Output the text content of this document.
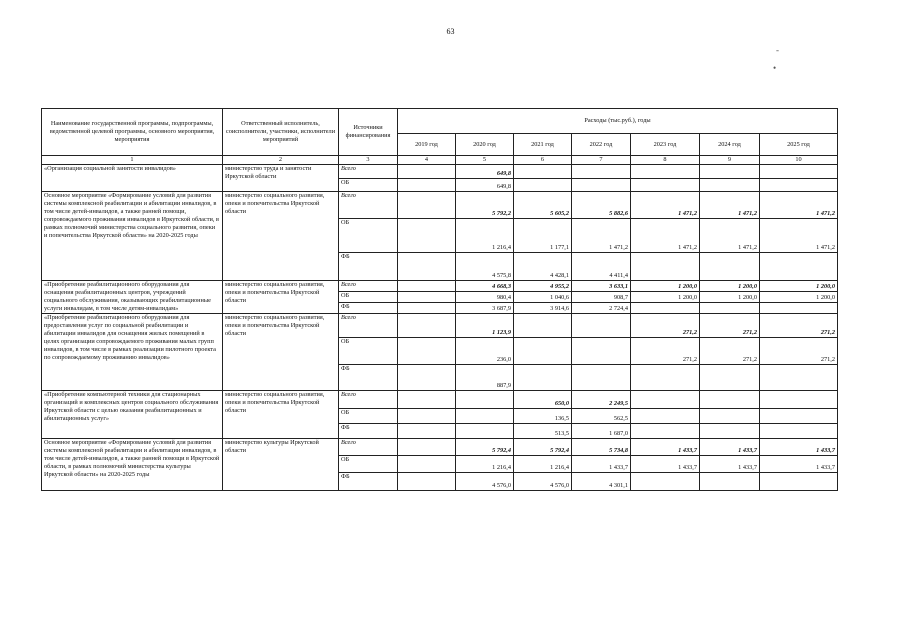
63
-
•
Наименование государственной программы, подпрограммы, ведомственной целевой программы, основного мероприятия, мероприятия	Ответственный исполнитель, соисполнители, участники, исполнители мероприятий	Источники финансирования	Расходы (тыс.руб.), годы						
			2019 год	2020 год	2021 год	2022 год	2023 год	2024 год	2025 год
1	2	3	4	5	6	7	8	9	10
«Организация социальной занятости инвалидов»	министерство труда и занятости Иркутской области	Всего		649,8					
		ОБ		649,8					
Основное мероприятие «Формирование условий для развития системы комплексной реабилитации и абилитации инвалидов, в том числе детей-инвалидов, а также ранней помощи, сопровождаемого проживания инвалидов в Иркутской области, в рамках полномочий министерства социального развития, опеки и попечительства Иркутской области» на 2020-2025 годы	министерство социального развития, опеки и попечительства Иркутской области	Всего		5 792,2	5 605,2	5 882,6	1 471,2	1 471,2	1 471,2
		ОБ		1 216,4	1 177,1	1 471,2	1 471,2	1 471,2	1 471,2
		ФБ		4 575,8	4 428,1	4 411,4			
«Приобретение реабилитационного оборудования для оснащения реабилитационных центров, учреждений социального обслуживания, оказывающих реабилитационные услуги инвалидам, в том числе детям-инвалидам»	министерство социального развития, опеки и попечительства Иркутской области	Всего		4 668,3	4 955,2	3 633,1	1 200,0	1 200,0	1 200,0
		ОБ		980,4	1 040,6	908,7	1 200,0	1 200,0	1 200,0
		ФБ		3 687,9	3 914,6	2 724,4			
«Приобретение реабилитационного оборудования для предоставления услуг по социальной реабилитации и абилитации инвалидов для оснащения жилых помещений в целях организации сопровождаемого проживания малых групп инвалидов, в том числе в рамках реализации пилотного проекта по сопровождаемому проживанию инвалидов»	министерство социального развития, опеки и попечительства Иркутской области	Всего		1 123,9			271,2	271,2	271,2
		ОБ		236,0			271,2	271,2	271,2
		ФБ		887,9					
«Приобретение компьютерной техники для стационарных организаций и комплексных центров социального обслуживания Иркутской области с целью оказания реабилитационных и абилитационных услуг»	министерство социального развития, опеки и попечительства Иркутской области	Всего			650,0	2 249,5			
		ОБ			136,5	562,5			
		ФБ			513,5	1 687,0			
Основное мероприятие «Формирование условий для развития системы комплексной реабилитации и абилитации инвалидов, в том числе детей-инвалидов, а также ранней помощи в Иркутской области, в рамках полномочий министерства культуры Иркутской области» на 2020-2025 годы	министерство культуры Иркутской области	Всего		5 792,4	5 792,4	5 734,8	1 433,7	1 433,7	1 433,7
		ОБ		1 216,4	1 216,4	1 433,7	1 433,7	1 433,7	1 433,7
		ФБ		4 576,0	4 576,0	4 301,1			
